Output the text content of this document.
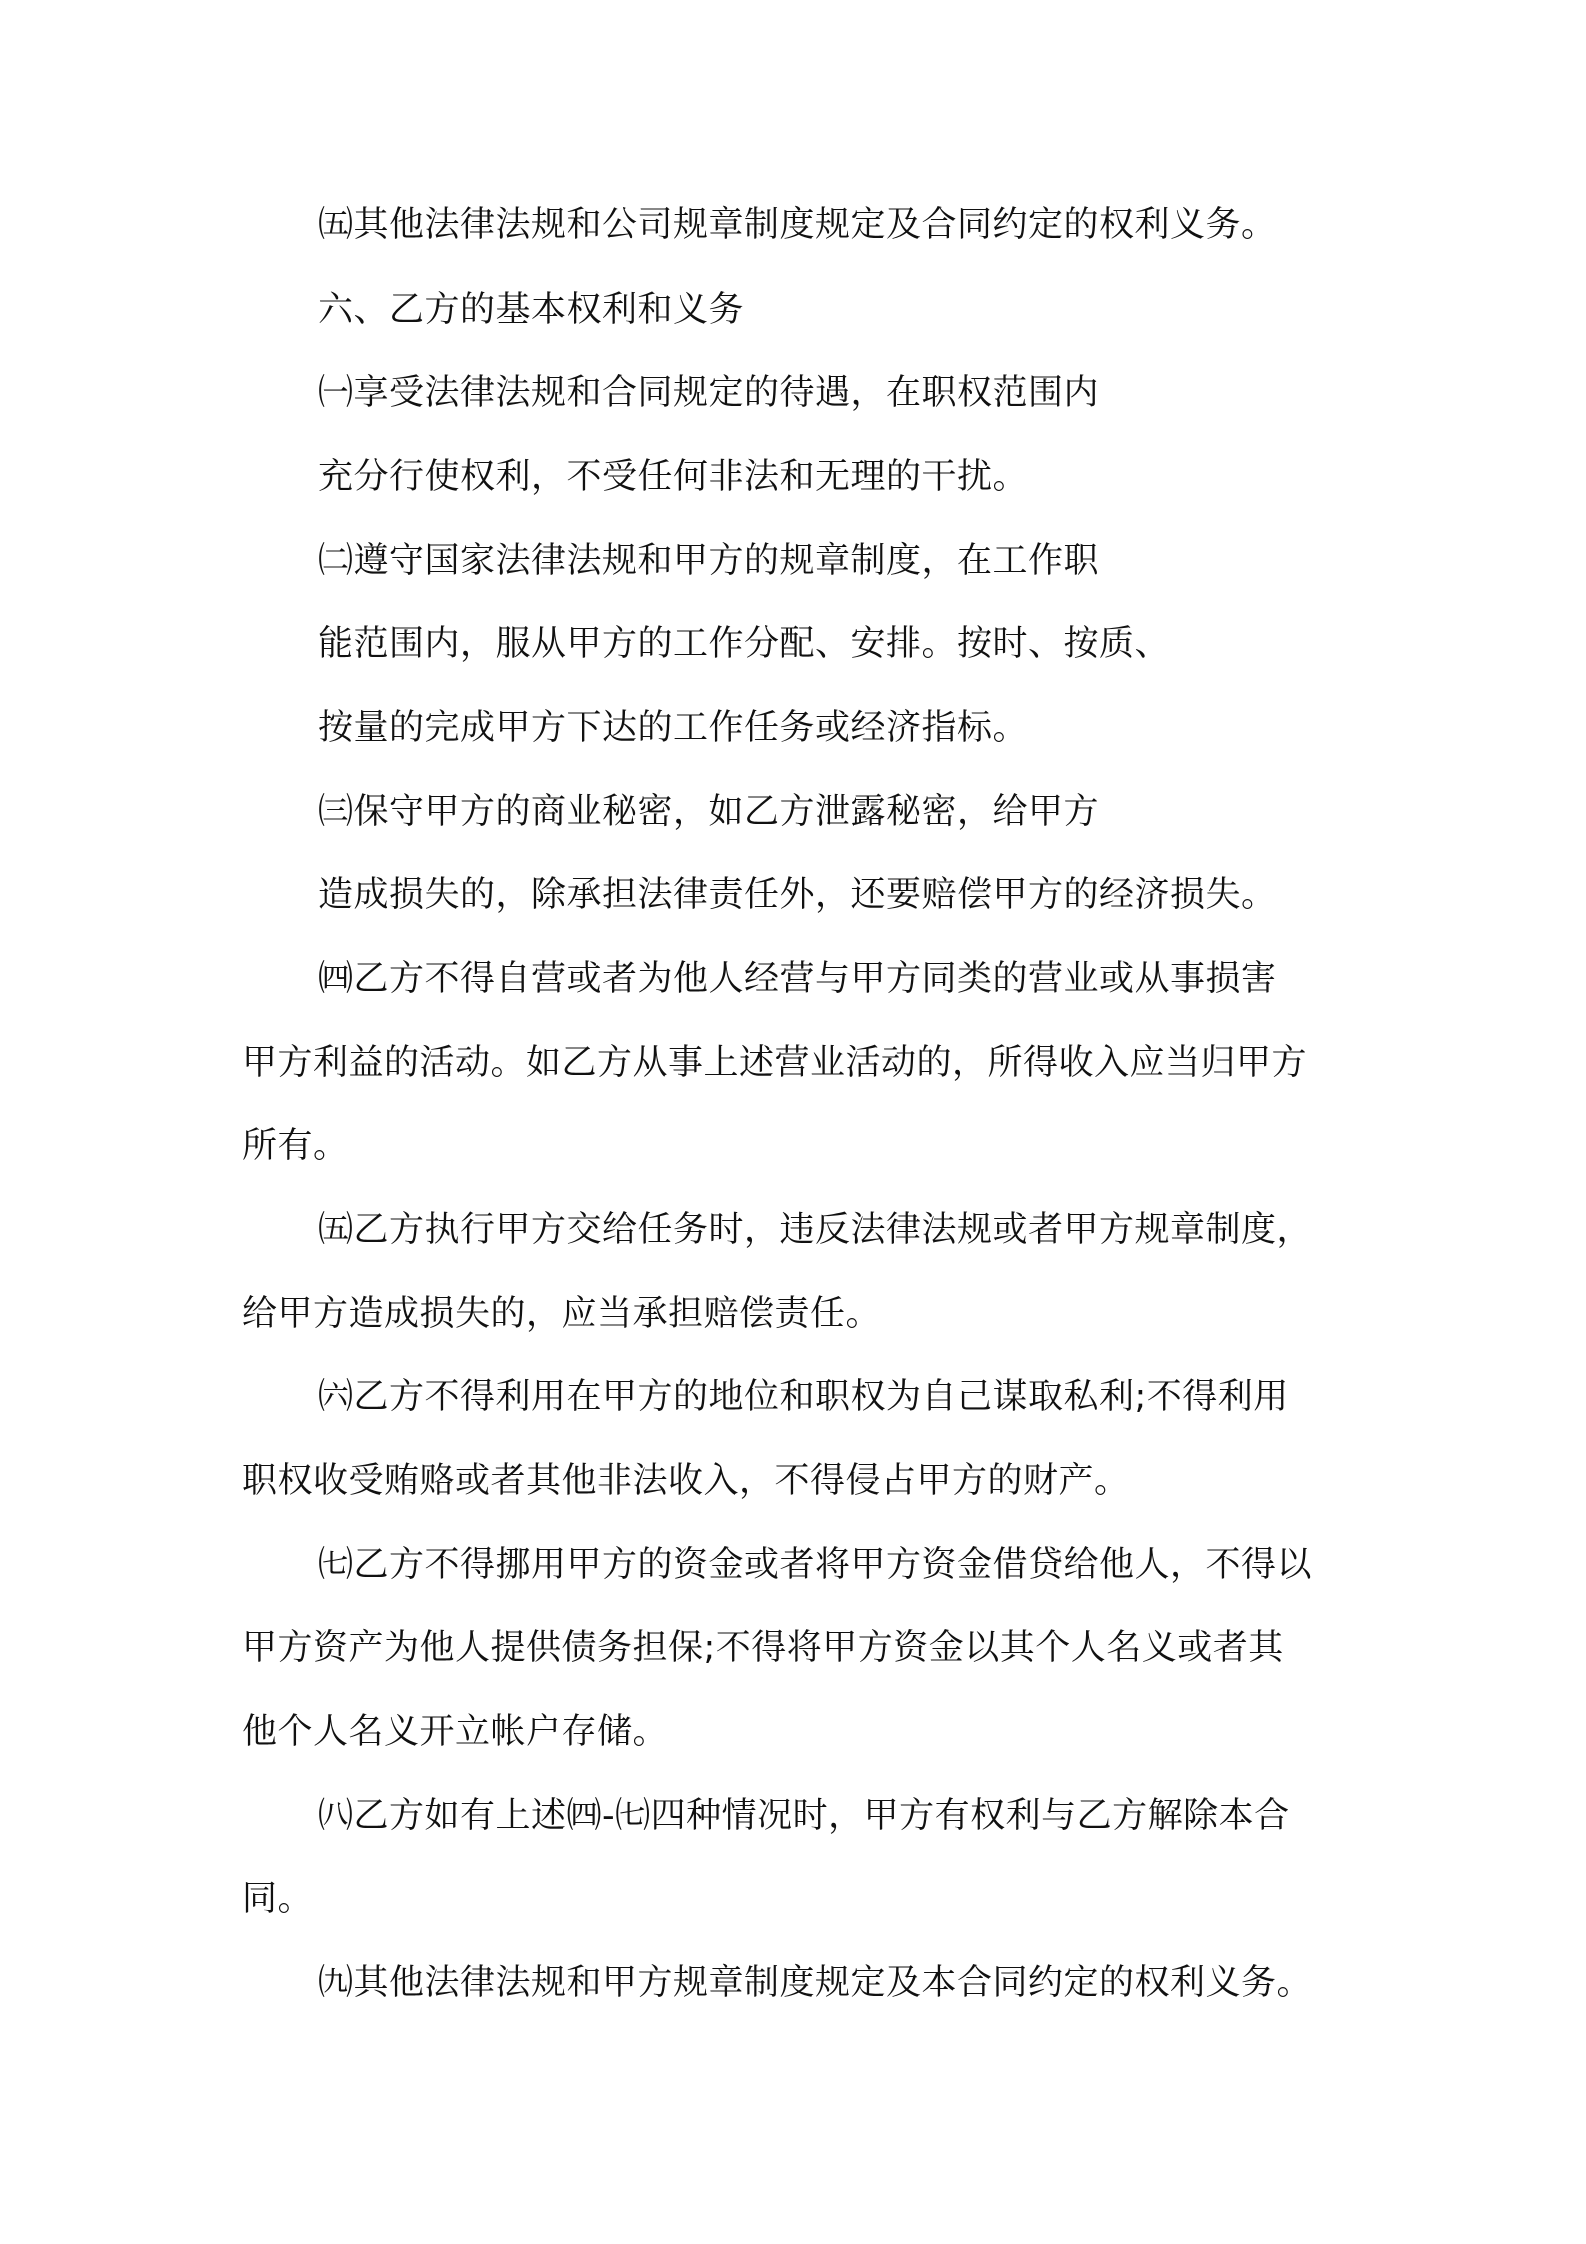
㈤其他法律法规和公司规章制度规定及合同约定的权利义务。
六、乙方的基本权利和义务
㈠享受法律法规和合同规定的待遇，在职权范围内
充分行使权利，不受任何非法和无理的干扰。
㈡遵守国家法律法规和甲方的规章制度，在工作职
能范围内，服从甲方的工作分配、安排。按时、按质、
按量的完成甲方下达的工作任务或经济指标。
㈢保守甲方的商业秘密，如乙方泄露秘密，给甲方
造成损失的，除承担法律责任外，还要赔偿甲方的经济损失。
㈣乙方不得自营或者为他人经营与甲方同类的营业或从事损害
甲方利益的活动。如乙方从事上述营业活动的，所得收入应当归甲方
所有。
㈤乙方执行甲方交给任务时，违反法律法规或者甲方规章制度，
给甲方造成损失的，应当承担赔偿责任。
㈥乙方不得利用在甲方的地位和职权为自己谋取私利;不得利用
职权收受贿赂或者其他非法收入，不得侵占甲方的财产。
㈦乙方不得挪用甲方的资金或者将甲方资金借贷给他人，不得以
甲方资产为他人提供债务担保;不得将甲方资金以其个人名义或者其
他个人名义开立帐户存储。
㈧乙方如有上述㈣-㈦四种情况时，甲方有权利与乙方解除本合
同。
㈨其他法律法规和甲方规章制度规定及本合同约定的权利义务。
